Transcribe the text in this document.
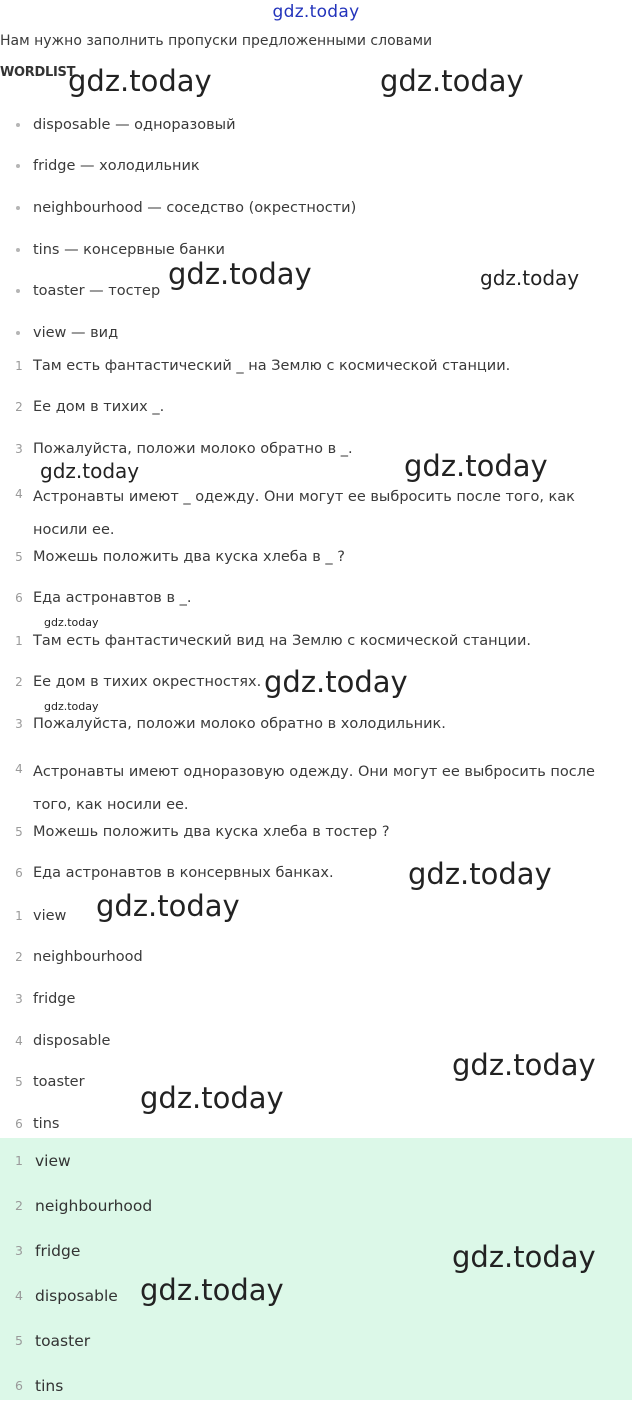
gdz.today
Нам нужно заполнить пропуски предложенными словами
WORDLIST
disposable — одноразовый
fridge — холодильник
neighbourhood — соседство (окрестности)
tins — консервные банки
toaster — тостер
view — вид
1 Там есть фантастический _ на Землю с космической станции.
2 Ее дом в тихих _.
3 Пожалуйста, положи молоко обратно в _.
4 Астронавты имеют _ одежду. Они могут ее выбросить после того, как носили ее.
5 Можешь положить два куска хлеба в _ ?
6 Еда астронавтов в _.
1 Там есть фантастический вид на Землю с космической станции.
2 Ее дом в тихих окрестностях.
3 Пожалуйста, положи молоко обратно в холодильник.
4 Астронавты имеют одноразовую одежду. Они могут ее выбросить после того, как носили ее.
5 Можешь положить два куска хлеба в тостер ?
6 Еда астронавтов в консервных банках.
1 view
2 neighbourhood
3 fridge
4 disposable
5 toaster
6 tins
1 view
2 neighbourhood
3 fridge
4 disposable
5 toaster
6 tins
gdz.today	gdz.today
gdz.today	gdz.today
gdz.today	gdz.today
gdz.today
gdz.today
gdz.today
gdz.today
gdz.today
gdz.today
gdz.today
gdz.today
gdz.today
